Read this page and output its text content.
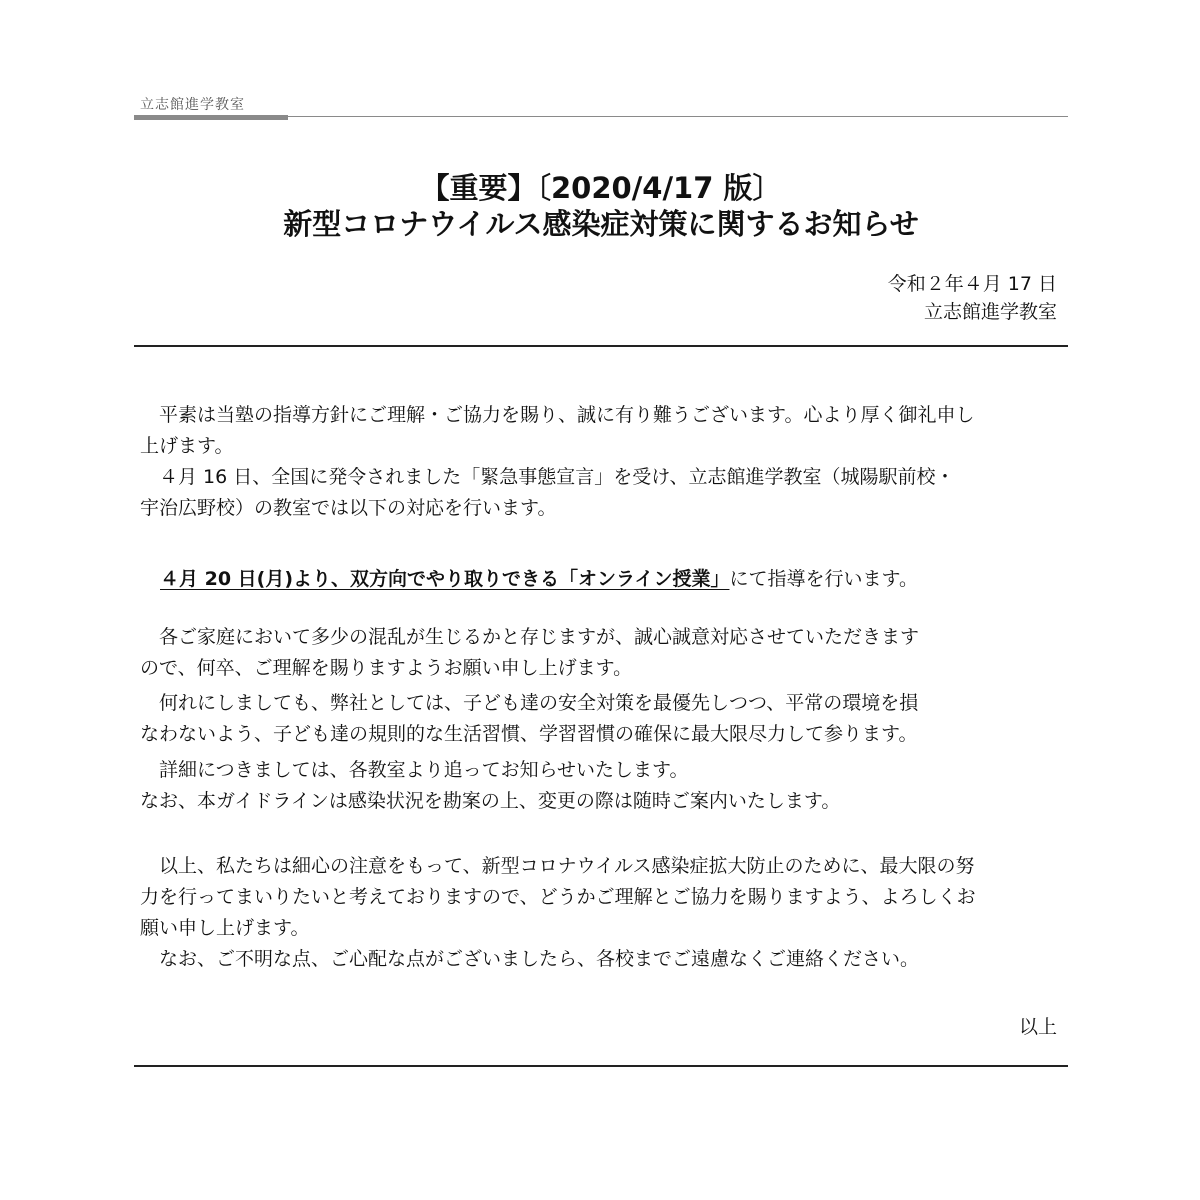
立志館進学教室
【重要】〔2020/4/17 版〕
新型コロナウイルス感染症対策に関するお知らせ
令和２年４月 17 日
立志館進学教室
　平素は当塾の指導方針にご理解・ご協力を賜り、誠に有り難うございます。心より厚く御礼申し
上げます。
　４月 16 日、全国に発令されました「緊急事態宣言」を受け、立志館進学教室（城陽駅前校・
宇治広野校）の教室では以下の対応を行います。
４月 20 日(月)より、双方向でやり取りできる「オンライン授業」にて指導を行います。
　各ご家庭において多少の混乱が生じるかと存じますが、誠心誠意対応させていただきます
ので、何卒、ご理解を賜りますようお願い申し上げます。
　何れにしましても、弊社としては、子ども達の安全対策を最優先しつつ、平常の環境を損
なわないよう、子ども達の規則的な生活習慣、学習習慣の確保に最大限尽力して参ります。
　詳細につきましては、各教室より追ってお知らせいたします。
なお、本ガイドラインは感染状況を勘案の上、変更の際は随時ご案内いたします。
　以上、私たちは細心の注意をもって、新型コロナウイルス感染症拡大防止のために、最大限の努
力を行ってまいりたいと考えておりますので、どうかご理解とご協力を賜りますよう、よろしくお
願い申し上げます。
　なお、ご不明な点、ご心配な点がございましたら、各校までご遠慮なくご連絡ください。
以上
